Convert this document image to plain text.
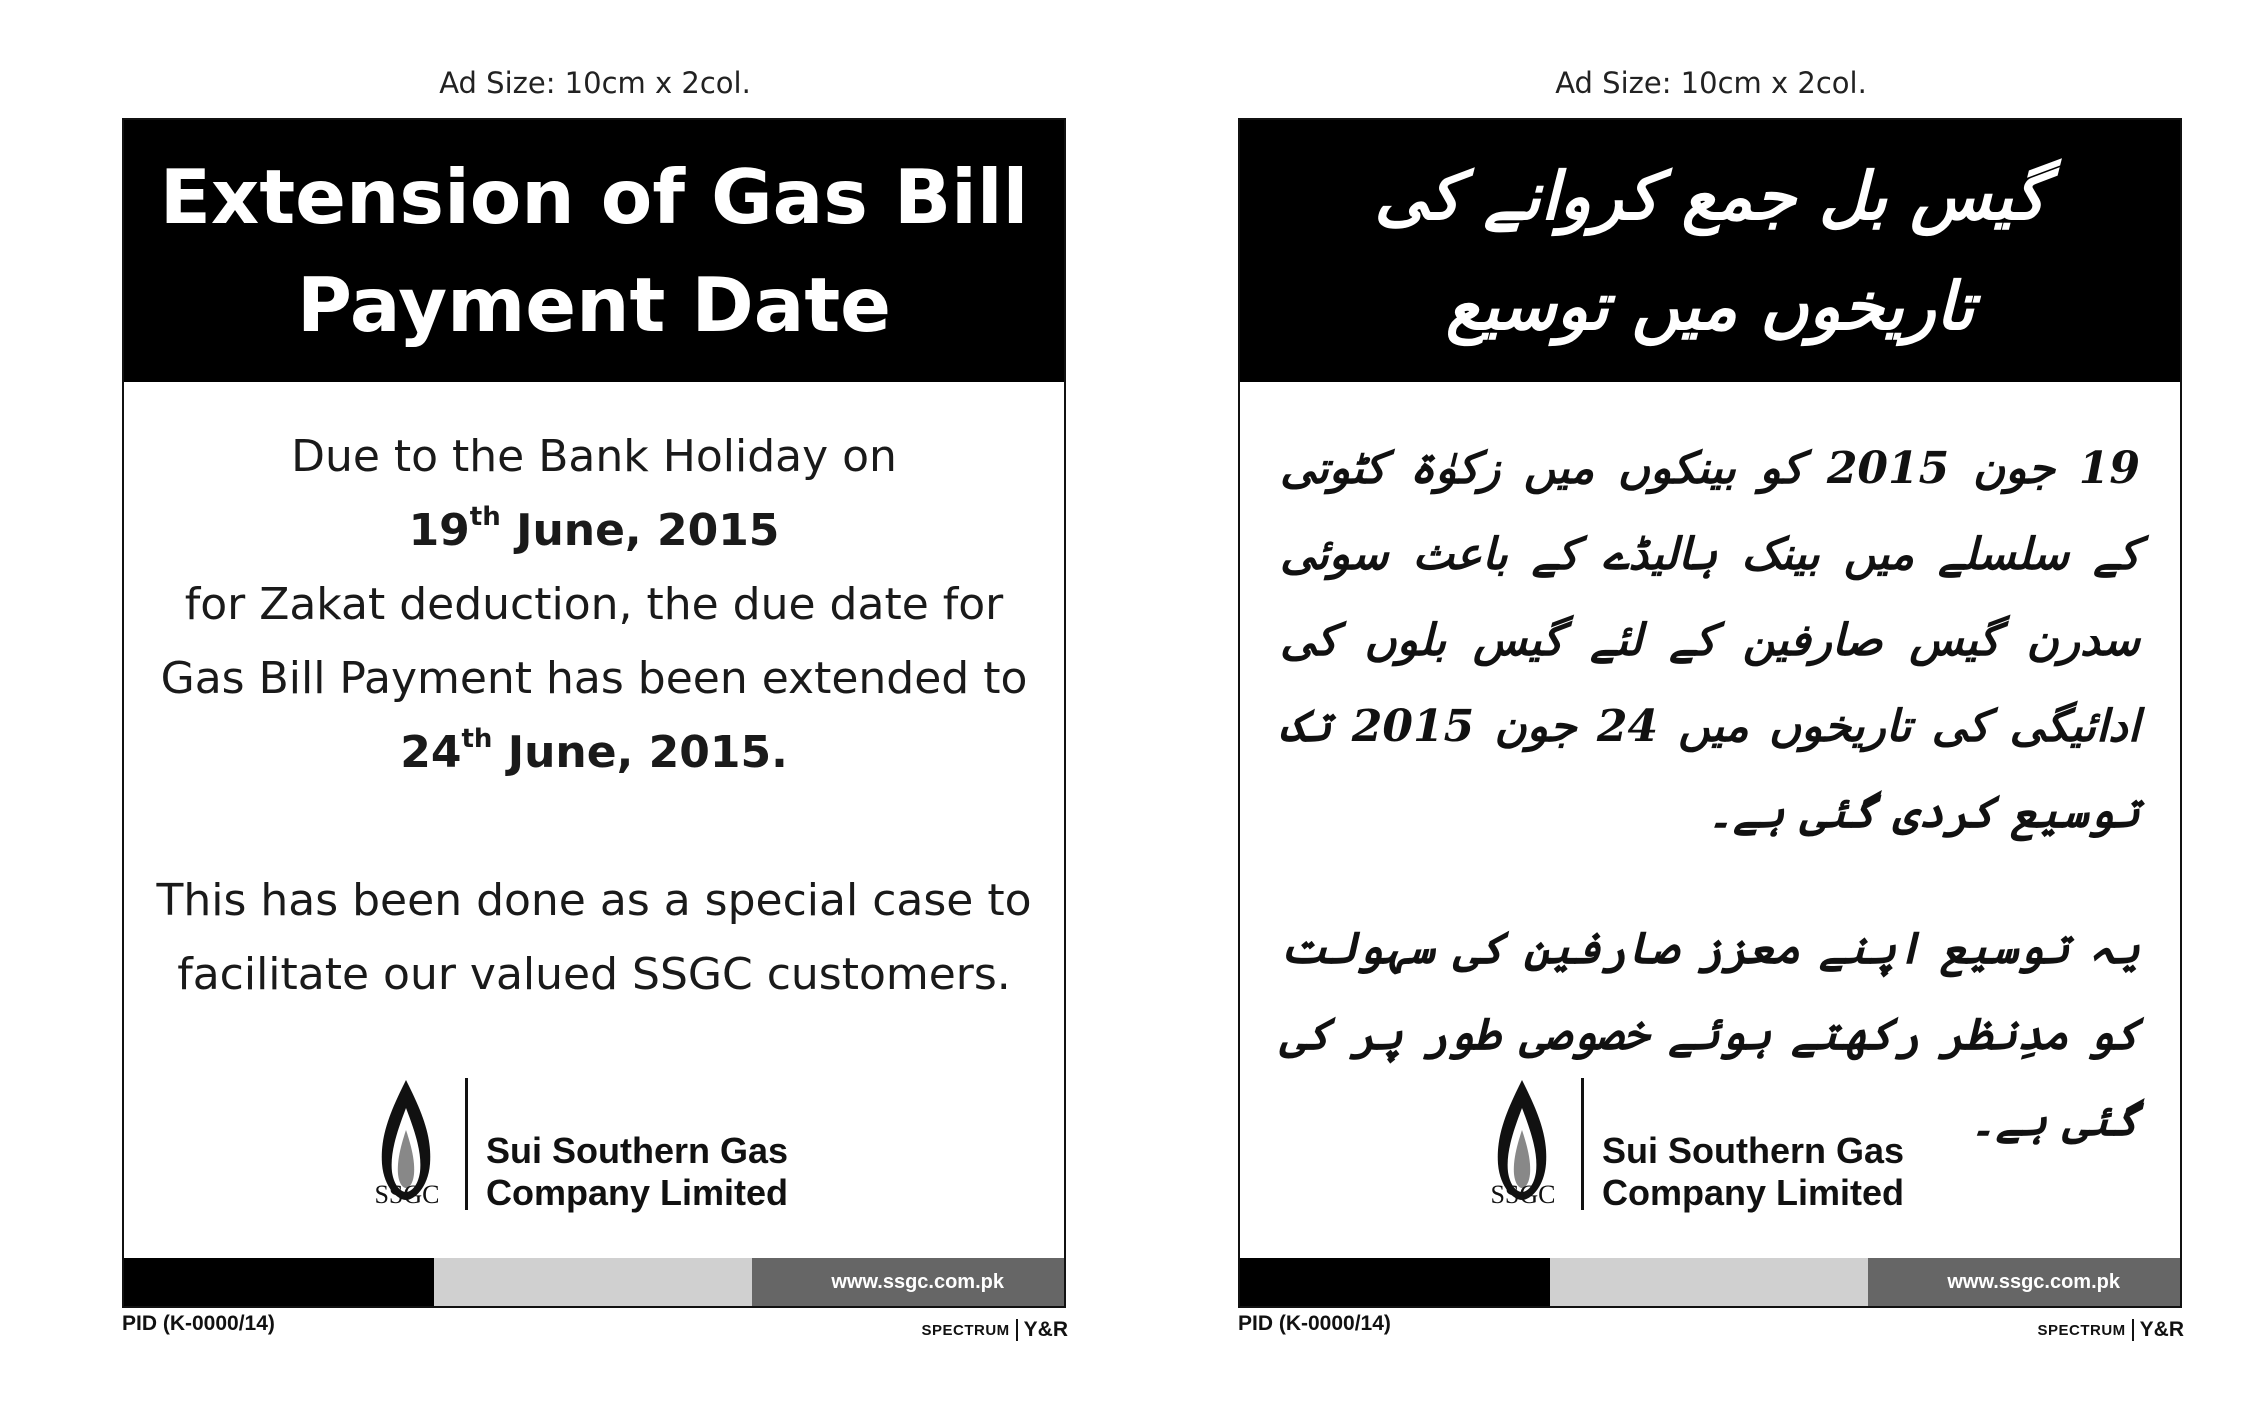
Ad Size: 10cm x 2col.
Extension of Gas Bill
Payment Date
Due to the Bank Holiday on
19th June, 2015
for Zakat deduction, the due date for
Gas Bill Payment has been extended to
24th June, 2015.
This has been done as a special case to
facilitate our valued SSGC customers.
SSGC
Sui Southern Gas
Company Limited
www.ssgc.com.pk
PID (K-0000/14)	SPECTRUM Y&R
Ad Size: 10cm x 2col.
گیس بل جمع کروانے کی
تاریخوں میں توسیع

19 جون 2015 کو بینکوں میں زکوٰۃ کٹوتی کے سلسلے میں بینک ہالیڈے کے باعث سوئی سدرن گیس صارفین کے لئے گیس بلوں کی ادائیگی کی تاریخوں میں 24 جون 2015 تک توسیع کردی گئی ہے۔

یہ توسیع اپنے معزز صارفین کی سہولت کو مدِنظر رکھتے ہوئے خصوصی طور پر کی گئی ہے۔

SSGC
Sui Southern Gas
Company Limited
www.ssgc.com.pk
PID (K-0000/14)	SPECTRUM Y&R
